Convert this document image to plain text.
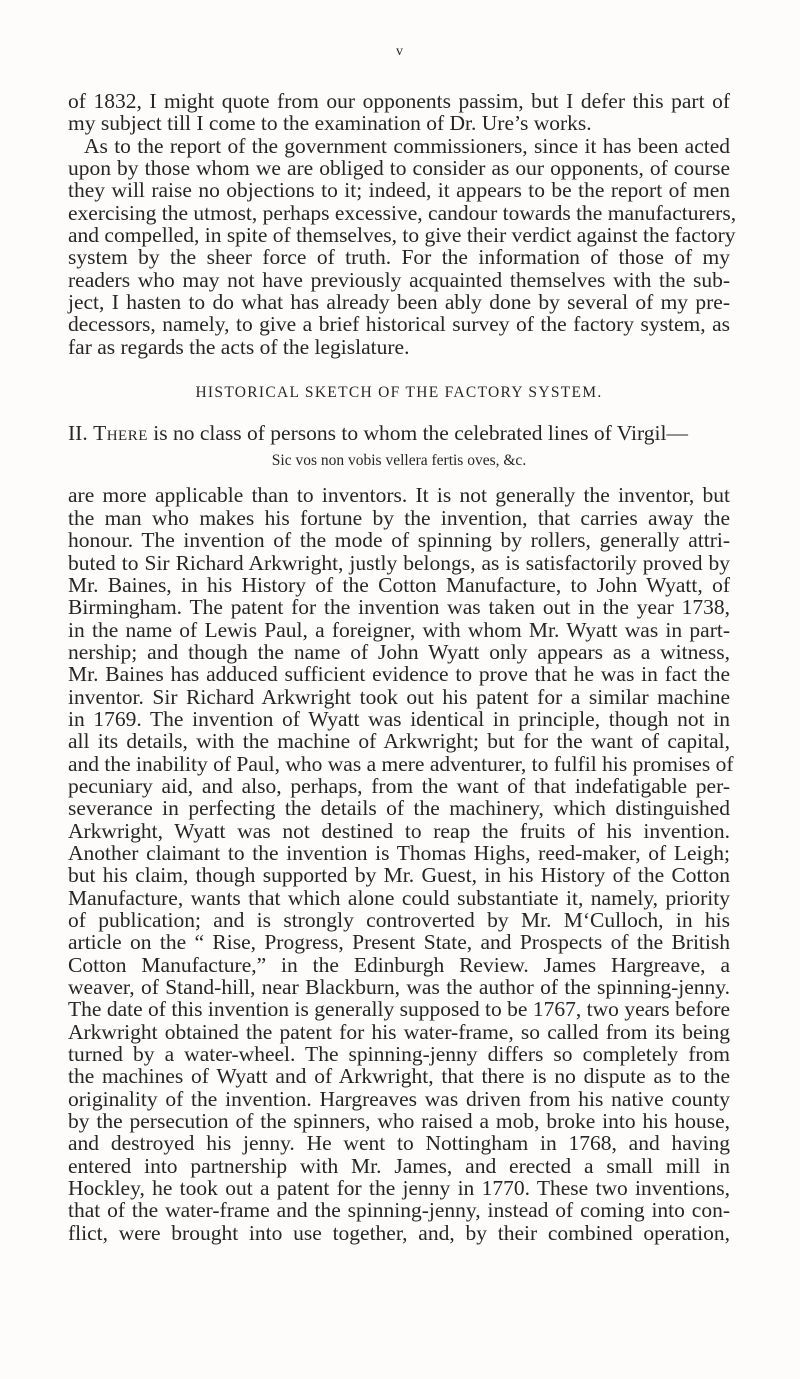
v
of 1832, I might quote from our opponents passim, but I defer this part of
my subject till I come to the examination of Dr. Ure’s works.
As to the report of the government commissioners, since it has been acted
upon by those whom we are obliged to consider as our opponents, of course
they will raise no objections to it; indeed, it appears to be the report of men
exercising the utmost, perhaps excessive, candour towards the manufacturers,
and compelled, in spite of themselves, to give their verdict against the factory
system by the sheer force of truth. For the information of those of my
readers who may not have previously acquainted themselves with the sub-
ject, I hasten to do what has already been ably done by several of my pre-
decessors, namely, to give a brief historical survey of the factory system, as
far as regards the acts of the legislature.
HISTORICAL SKETCH OF THE FACTORY SYSTEM.
II. There is no class of persons to whom the celebrated lines of Virgil—
Sic vos non vobis vellera fertis oves, &c.
are more applicable than to inventors. It is not generally the inventor, but
the man who makes his fortune by the invention, that carries away the
honour. The invention of the mode of spinning by rollers, generally attri-
buted to Sir Richard Arkwright, justly belongs, as is satisfactorily proved by
Mr. Baines, in his History of the Cotton Manufacture, to John Wyatt, of
Birmingham. The patent for the invention was taken out in the year 1738,
in the name of Lewis Paul, a foreigner, with whom Mr. Wyatt was in part-
nership; and though the name of John Wyatt only appears as a witness,
Mr. Baines has adduced sufficient evidence to prove that he was in fact the
inventor. Sir Richard Arkwright took out his patent for a similar machine
in 1769. The invention of Wyatt was identical in principle, though not in
all its details, with the machine of Arkwright; but for the want of capital,
and the inability of Paul, who was a mere adventurer, to fulfil his promises of
pecuniary aid, and also, perhaps, from the want of that indefatigable per-
severance in perfecting the details of the machinery, which distinguished
Arkwright, Wyatt was not destined to reap the fruits of his invention.
Another claimant to the invention is Thomas Highs, reed-maker, of Leigh;
but his claim, though supported by Mr. Guest, in his History of the Cotton
Manufacture, wants that which alone could substantiate it, namely, priority
of publication; and is strongly controverted by Mr. M‘Culloch, in his
article on the “ Rise, Progress, Present State, and Prospects of the British
Cotton Manufacture,” in the Edinburgh Review. James Hargreave, a
weaver, of Stand-hill, near Blackburn, was the author of the spinning-jenny.
The date of this invention is generally supposed to be 1767, two years before
Arkwright obtained the patent for his water-frame, so called from its being
turned by a water-wheel. The spinning-jenny differs so completely from
the machines of Wyatt and of Arkwright, that there is no dispute as to the
originality of the invention. Hargreaves was driven from his native county
by the persecution of the spinners, who raised a mob, broke into his house,
and destroyed his jenny. He went to Nottingham in 1768, and having
entered into partnership with Mr. James, and erected a small mill in
Hockley, he took out a patent for the jenny in 1770. These two inventions,
that of the water-frame and the spinning-jenny, instead of coming into con-
flict, were brought into use together, and, by their combined operation,
